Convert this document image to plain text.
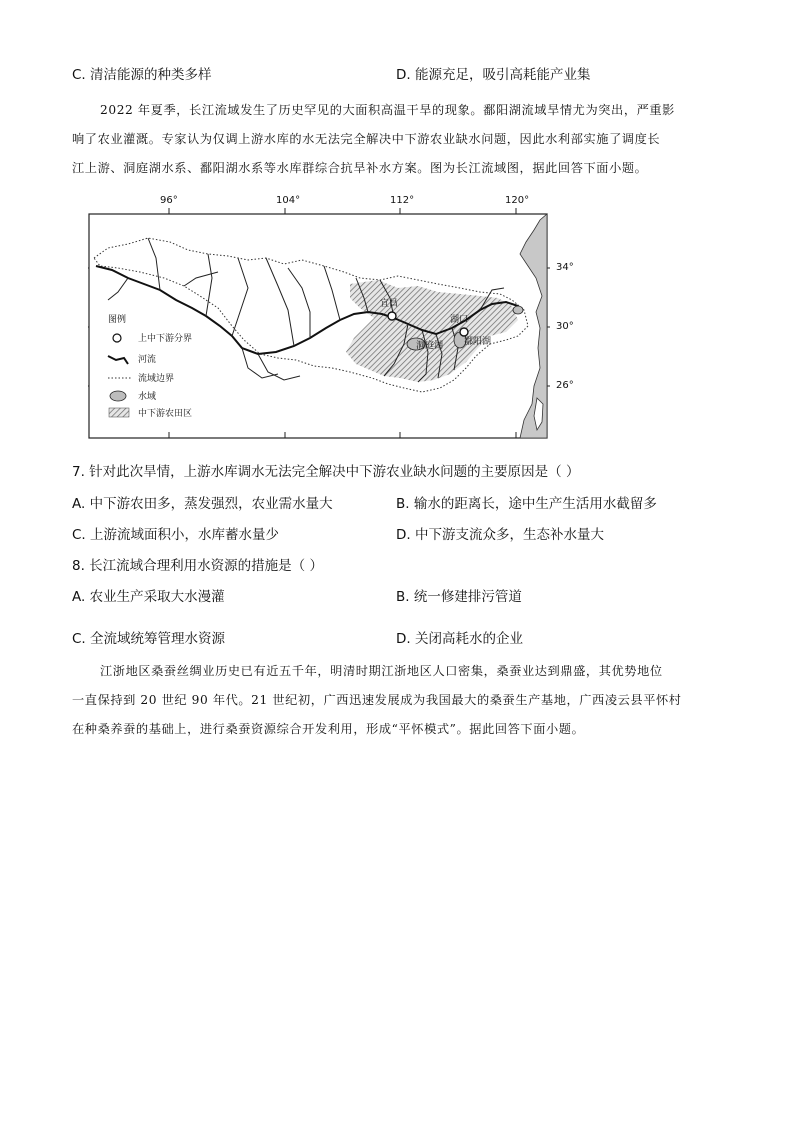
C. 清洁能源的种类多样	D. 能源充足，吸引高耗能产业集
2022 年夏季，长江流域发生了历史罕见的大面积高温干旱的现象。鄱阳湖流域旱情尤为突出，严重影
响了农业灌溉。专家认为仅调上游水库的水无法完全解决中下游农业缺水问题，因此水利部实施了调度长
江上游、洞庭湖水系、鄱阳湖水系等水库群综合抗旱补水方案。图为长江流域图，据此回答下面小题。
宜昌
湖口
洞庭湖 鄱阳湖
图例
上中下游分界
河流
流域边界
水域
中下游农田区
96°	104°	112°	120°
34°
30°
26°
7. 针对此次旱情，上游水库调水无法完全解决中下游农业缺水问题的主要原因是（ ）
A. 中下游农田多，蒸发强烈，农业需水量大	B. 输水的距离长，途中生产生活用水截留多
C. 上游流域面积小，水库蓄水量少	D. 中下游支流众多，生态补水量大
8. 长江流域合理利用水资源的措施是（ ）
A. 农业生产采取大水漫灌	B. 统一修建排污管道
C. 全流域统筹管理水资源	D. 关闭高耗水的企业
江浙地区桑蚕丝绸业历史已有近五千年，明清时期江浙地区人口密集，桑蚕业达到鼎盛，其优势地位
一直保持到 20 世纪 90 年代。21 世纪初，广西迅速发展成为我国最大的桑蚕生产基地，广西凌云县平怀村
在种桑养蚕的基础上，进行桑蚕资源综合开发利用，形成“平怀模式”。据此回答下面小题。
